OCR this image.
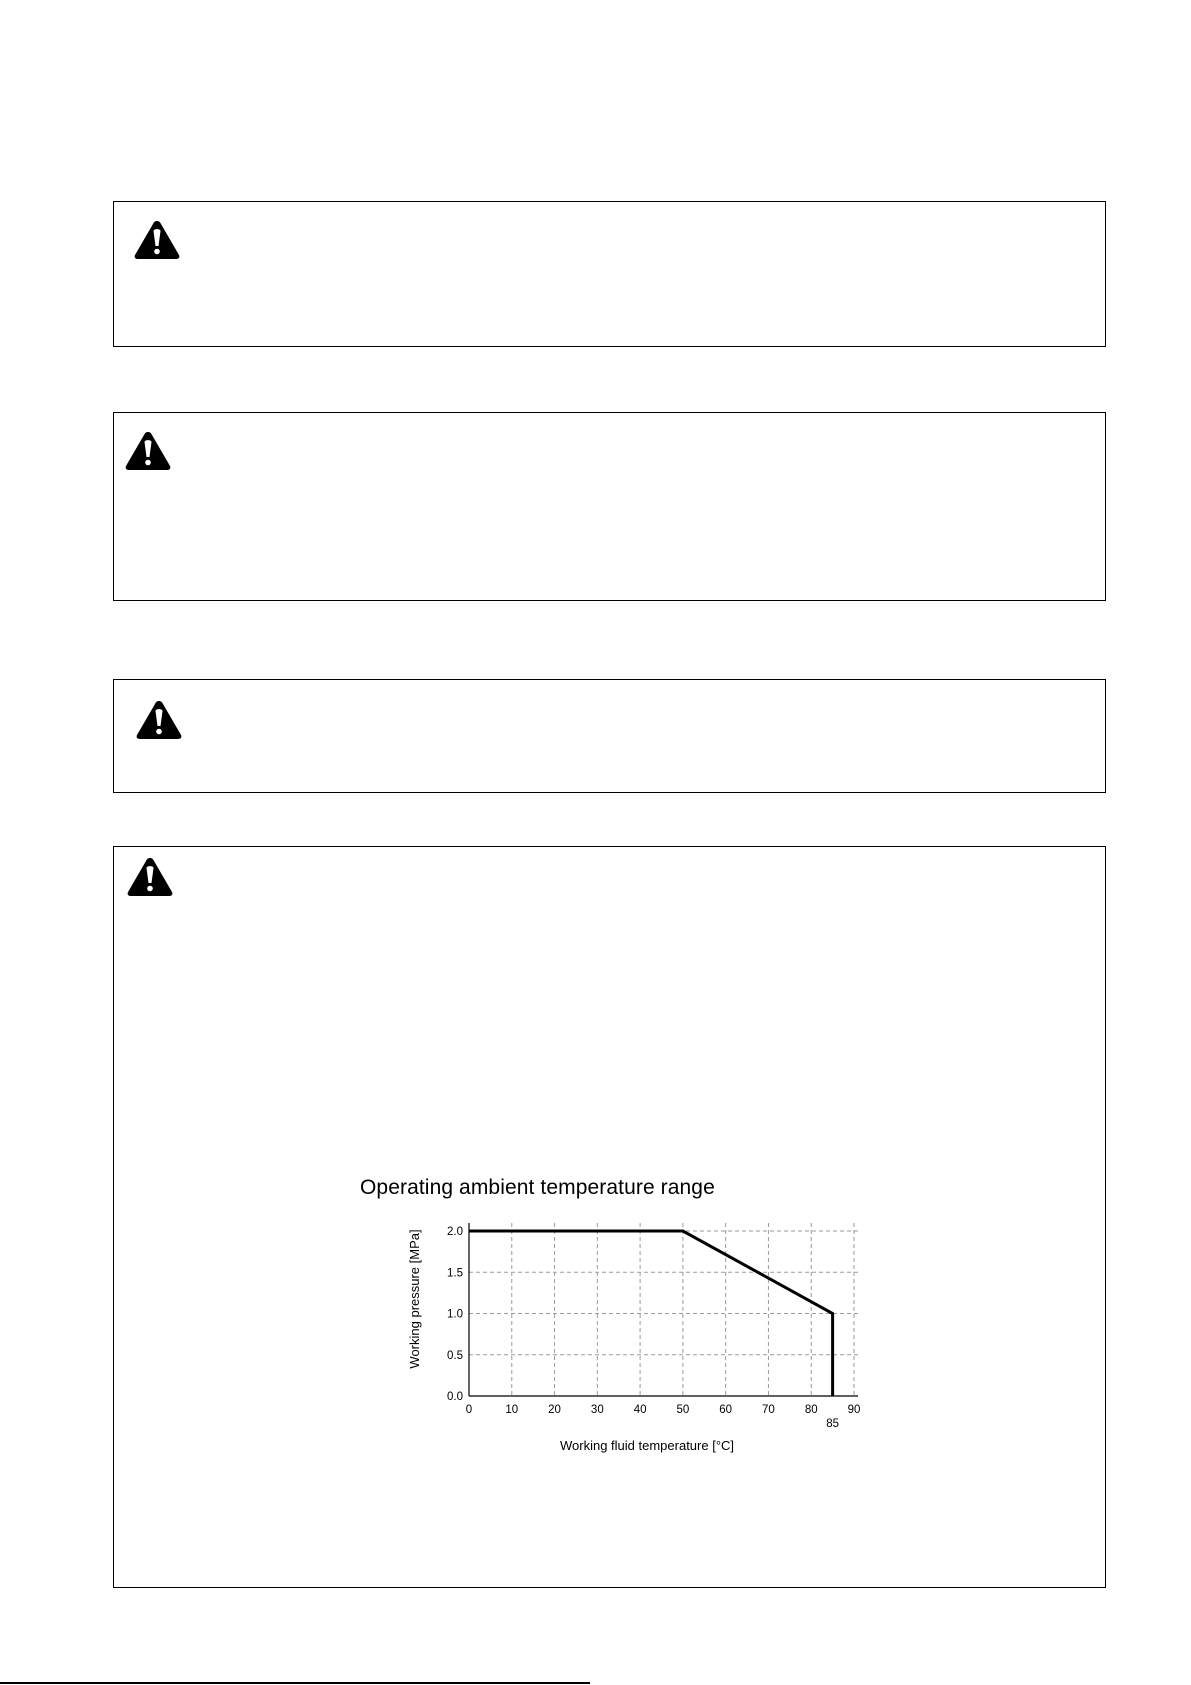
Operating ambient temperature range
0	10	20	30	40	50	60	70	80	90
85
0.0
0.5
1.0
1.5
2.0
Working fluid temperature [°C]
Working pressure [MPa]
